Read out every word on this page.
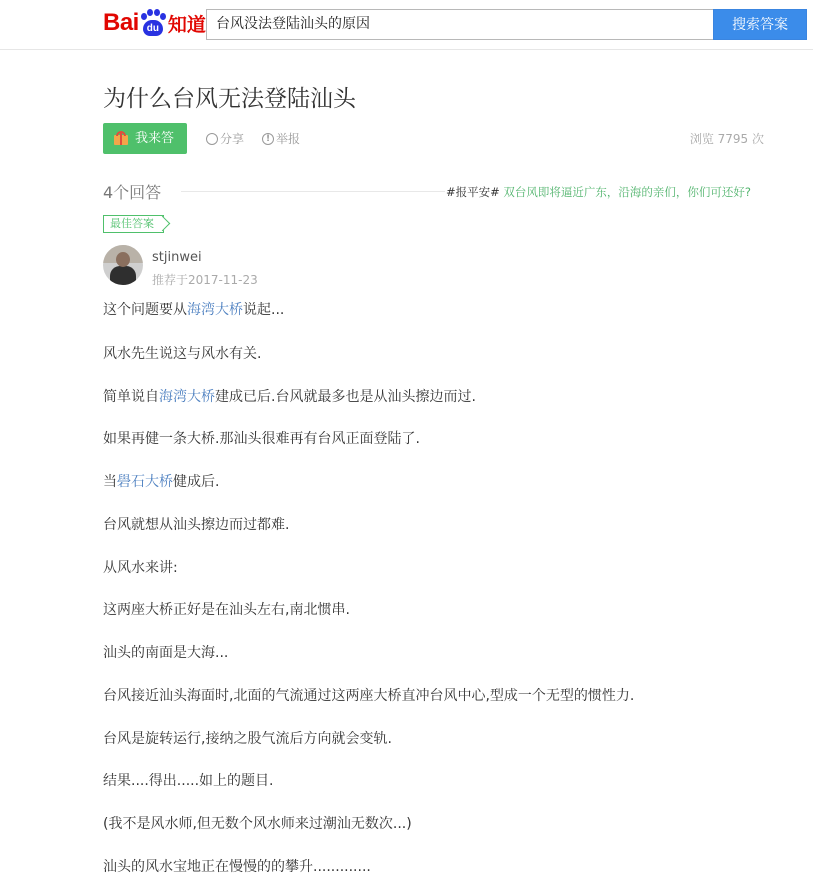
Bai du 知道 台风没法登陆汕头的原因	搜索答案
为什么台风无法登陆汕头
我来答	分享	! 举报	浏览 7795 次
4个回答	#报平安# 双台风即将逼近广东，沿海的亲们，你们可还好?
最佳答案
stjinwei
推荐于2017-11-23
这个问题要从海湾大桥说起...
风水先生说这与风水有关.
简单说自海湾大桥建成已后.台风就最多也是从汕头擦边而过.
如果再健一条大桥.那汕头很难再有台风正面登陆了.
当礐石大桥健成后.
台风就想从汕头擦边而过都难.
从风水来讲:
这两座大桥正好是在汕头左右,南北惯串.
汕头的南面是大海...
台风接近汕头海面时,北面的气流通过这两座大桥直冲台风中心,型成一个无型的惯性力.
台风是旋转运行,接纳之股气流后方向就会变轨.
结果....得出.....如上的题目.
(我不是风水师,但无数个风水师来过潮汕无数次...)
汕头的风水宝地正在慢慢的的攀升.............
